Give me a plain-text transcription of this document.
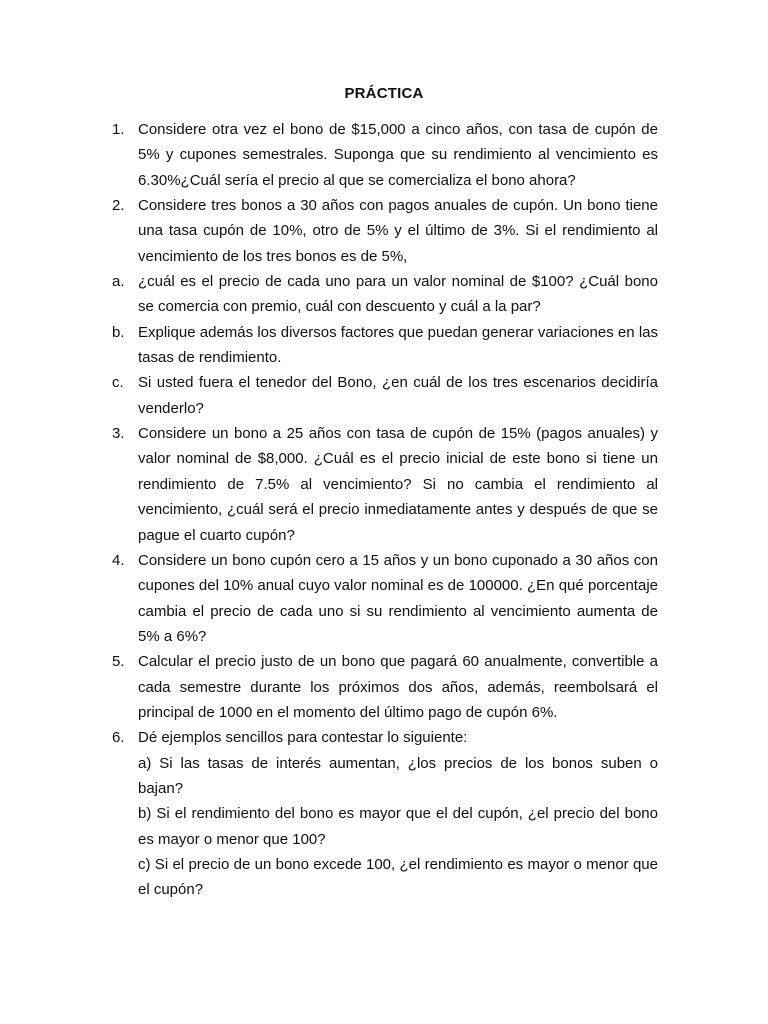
PRÁCTICA
1. Considere otra vez el bono de $15,000 a cinco años, con tasa de cupón de 5% y cupones semestrales. Suponga que su rendimiento al vencimiento es 6.30%¿Cuál sería el precio al que se comercializa el bono ahora?
2. Considere tres bonos a 30 años con pagos anuales de cupón. Un bono tiene una tasa cupón de 10%, otro de 5% y el último de 3%. Si el rendimiento al vencimiento de los tres bonos es de 5%,
a. ¿cuál es el precio de cada uno para un valor nominal de $100? ¿Cuál bono se comercia con premio, cuál con descuento y cuál a la par?
b. Explique además los diversos factores que puedan generar variaciones en las tasas de rendimiento.
c. Si usted fuera el tenedor del Bono, ¿en cuál de los tres escenarios decidiría venderlo?
3. Considere un bono a 25 años con tasa de cupón de 15% (pagos anuales) y valor nominal de $8,000. ¿Cuál es el precio inicial de este bono si tiene un rendimiento de 7.5% al vencimiento? Si no cambia el rendimiento al vencimiento, ¿cuál será el precio inmediatamente antes y después de que se pague el cuarto cupón?
4. Considere un bono cupón cero a 15 años y un bono cuponado a 30 años con cupones del 10% anual cuyo valor nominal es de 100000. ¿En qué porcentaje cambia el precio de cada uno si su rendimiento al vencimiento aumenta de 5% a 6%?
5. Calcular el precio justo de un bono que pagará 60 anualmente, convertible a cada semestre durante los próximos dos años, además, reembolsará el principal de 1000 en el momento del último pago de cupón 6%.
6. Dé ejemplos sencillos para contestar lo siguiente:
a) Si las tasas de interés aumentan, ¿los precios de los bonos suben o bajan?
b) Si el rendimiento del bono es mayor que el del cupón, ¿el precio del bono es mayor o menor que 100?
c) Si el precio de un bono excede 100, ¿el rendimiento es mayor o menor que el cupón?
